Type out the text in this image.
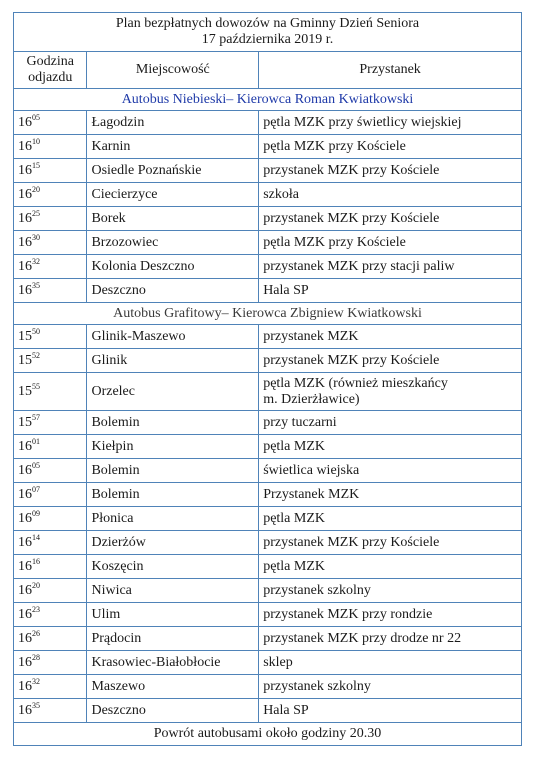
Plan bezpłatnych dowozów na Gminny Dzień Seniora
17 października 2019 r.		
Godzina
odjazdu	Miejscowość	Przystanek
Autobus Niebieski– Kierowca Roman Kwiatkowski		
$16^{05}$	Łagodzin	pętla MZK przy świetlicy wiejskiej
$16^{10}$	Karnin	pętla MZK przy Kościele
$16^{15}$	Osiedle Poznańskie	przystanek MZK przy Kościele
$16^{20}$	Ciecierzyce	szkoła
$16^{25}$	Borek	przystanek MZK przy Kościele
$16^{30}$	Brzozowiec	pętla MZK przy Kościele
$16^{32}$	Kolonia Deszczno	przystanek MZK przy stacji paliw
$16^{35}$	Deszczno	Hala SP
Autobus Grafitowy– Kierowca Zbigniew Kwiatkowski		
$15^{50}$	Glinik-Maszewo	przystanek MZK
$15^{52}$	Glinik	przystanek MZK przy Kościele
$15^{55}$	Orzelec	pętla MZK (również mieszkańcy
m. Dzierżławice)
$15^{57}$	Bolemin	przy tuczarni
$16^{01}$	Kiełpin	pętla MZK
$16^{05}$	Bolemin	świetlica wiejska
$16^{07}$	Bolemin	Przystanek MZK
$16^{09}$	Płonica	pętla MZK
$16^{14}$	Dzierżów	przystanek MZK przy Kościele
$16^{16}$	Koszęcin	pętla MZK
$16^{20}$	Niwica	przystanek szkolny
$16^{23}$	Ulim	przystanek MZK przy rondzie
$16^{26}$	Prądocin	przystanek MZK przy drodze nr 22
$16^{28}$	Krasowiec-Białobłocie	sklep
$16^{32}$	Maszewo	przystanek szkolny
$16^{35}$	Deszczno	Hala SP
Powrót autobusami około godziny 20.30		
